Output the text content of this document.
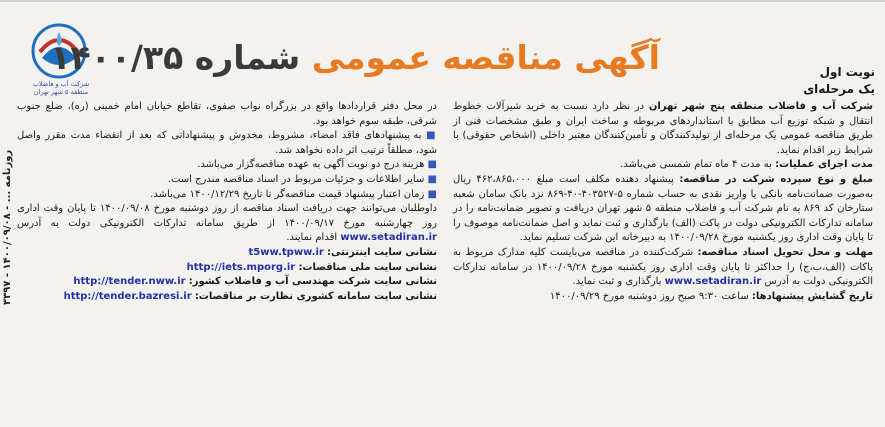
روزنامه ... - ۱۴۰۰/۰۹/۰۸ - ۳۳۹۷
شرکت آب و فاضلاب منطقه ۵ شهر تهران
آگهی مناقصه عمومی شماره ۱۴۰۰/۳۵	نوبت اول
یک مرحله‌ای

شرکت آب و فاضلاب منطقه پنج شهر تهران در نظر دارد نسبت به خرید شیرآلات خطوط انتقال و شبکه توزیع آب مطابق با استانداردهای مربوطه و ساخت ایران و طبق مشخصات فنی از طریق مناقصه عمومی یک مرحله‌ای از تولیدکنندگان و تأمین‌کنندگان معتبر داخلی (اشخاص حقوقی) با شرایط زیر اقدام نماید.

مدت اجرای عملیات: به مدت ۴ ماه تمام شمسی می‌باشد.

مبلغ و نوع سپرده شرکت در مناقصه: پیشنهاد دهنده مکلف است مبلغ ۴۶۲،۸۶۵،۰۰۰ ریال به‌صورت ضمانت‌نامه بانکی یا واریز نقدی به حساب شماره ۵-۴۰۳۵۲۷-۴۰-۸۶۹ نزد بانک سامان شعبه ستارخان کد ۸۶۹ به نام شرکت آب و فاضلاب منطقه ۵ شهر تهران دریافت و تصویر ضمانت‌نامه را در سامانه تدارکات الکترونیکی دولت در پاکت (الف) بارگذاری و ثبت نماید و اصل ضمانت‌نامه موصوف را تا پایان وقت اداری روز یکشنبه مورخ ۱۴۰۰/۰۹/۲۸ به دبیرخانه این شرکت تسلیم نماید.

مهلت و محل تحویل اسناد مناقصه: شرکت‌کننده در مناقصه می‌بایست کلیه مدارک مربوط به پاکات (الف،ب،ج) را حداکثر تا پایان وقت اداری روز یکشنبه مورخ ۱۴۰۰/۰۹/۲۸ در سامانه تدارکات الکترونیکی دولت به آدرس www.setadiran.ir بارگذاری و ثبت نماید.

تاریخ گشایش پیشنهادها: ساعت ۹:۳۰ صبح روز دوشنبه مورخ ۱۴۰۰/۰۹/۲۹

در محل دفتر قراردادها واقع در بزرگراه نواب صفوی، تقاطع خیابان امام خمینی (ره)، ضلع جنوب شرقی، طبقه سوم خواهد بود.

■ به پیشنهادهای فاقد امضاء، مشروط، مخدوش و پیشنهاداتی که بعد از انقضاء مدت مقرر واصل شود، مطلقاً ترتیب اثر داده نخواهد شد.

■ هزینه درج دو نوبت آگهی به عهده مناقصه‌گزار می‌باشد.

■ سایر اطلاعات و جزئیات مربوط در اسناد مناقصه مندرج است.

■ زمان اعتبار پیشنهاد قیمت مناقصه‌گر تا تاریخ ۱۴۰۰/۱۲/۲۹ می‌باشد.

داوطلبان می‌توانند جهت دریافت اسناد مناقصه از روز دوشنبه مورخ ۱۴۰۰/۰۹/۰۸ تا پایان وقت اداری روز چهارشنبه مورخ ۱۴۰۰/۰۹/۱۷ از طریق سامانه تدارکات الکترونیکی دولت به آدرس www.setadiran.ir اقدام نمایند.

نشانی سایت اینترنتی: t5ww.tpww.ir

نشانی سایت ملی مناقصات: http://iets.mporg.ir

نشانی سایت شرکت مهندسی آب و فاضلاب کشور: http://tender.nww.ir

نشانی سایت سامانه کشوری نظارت بر مناقصات: http://tender.bazresi.ir
